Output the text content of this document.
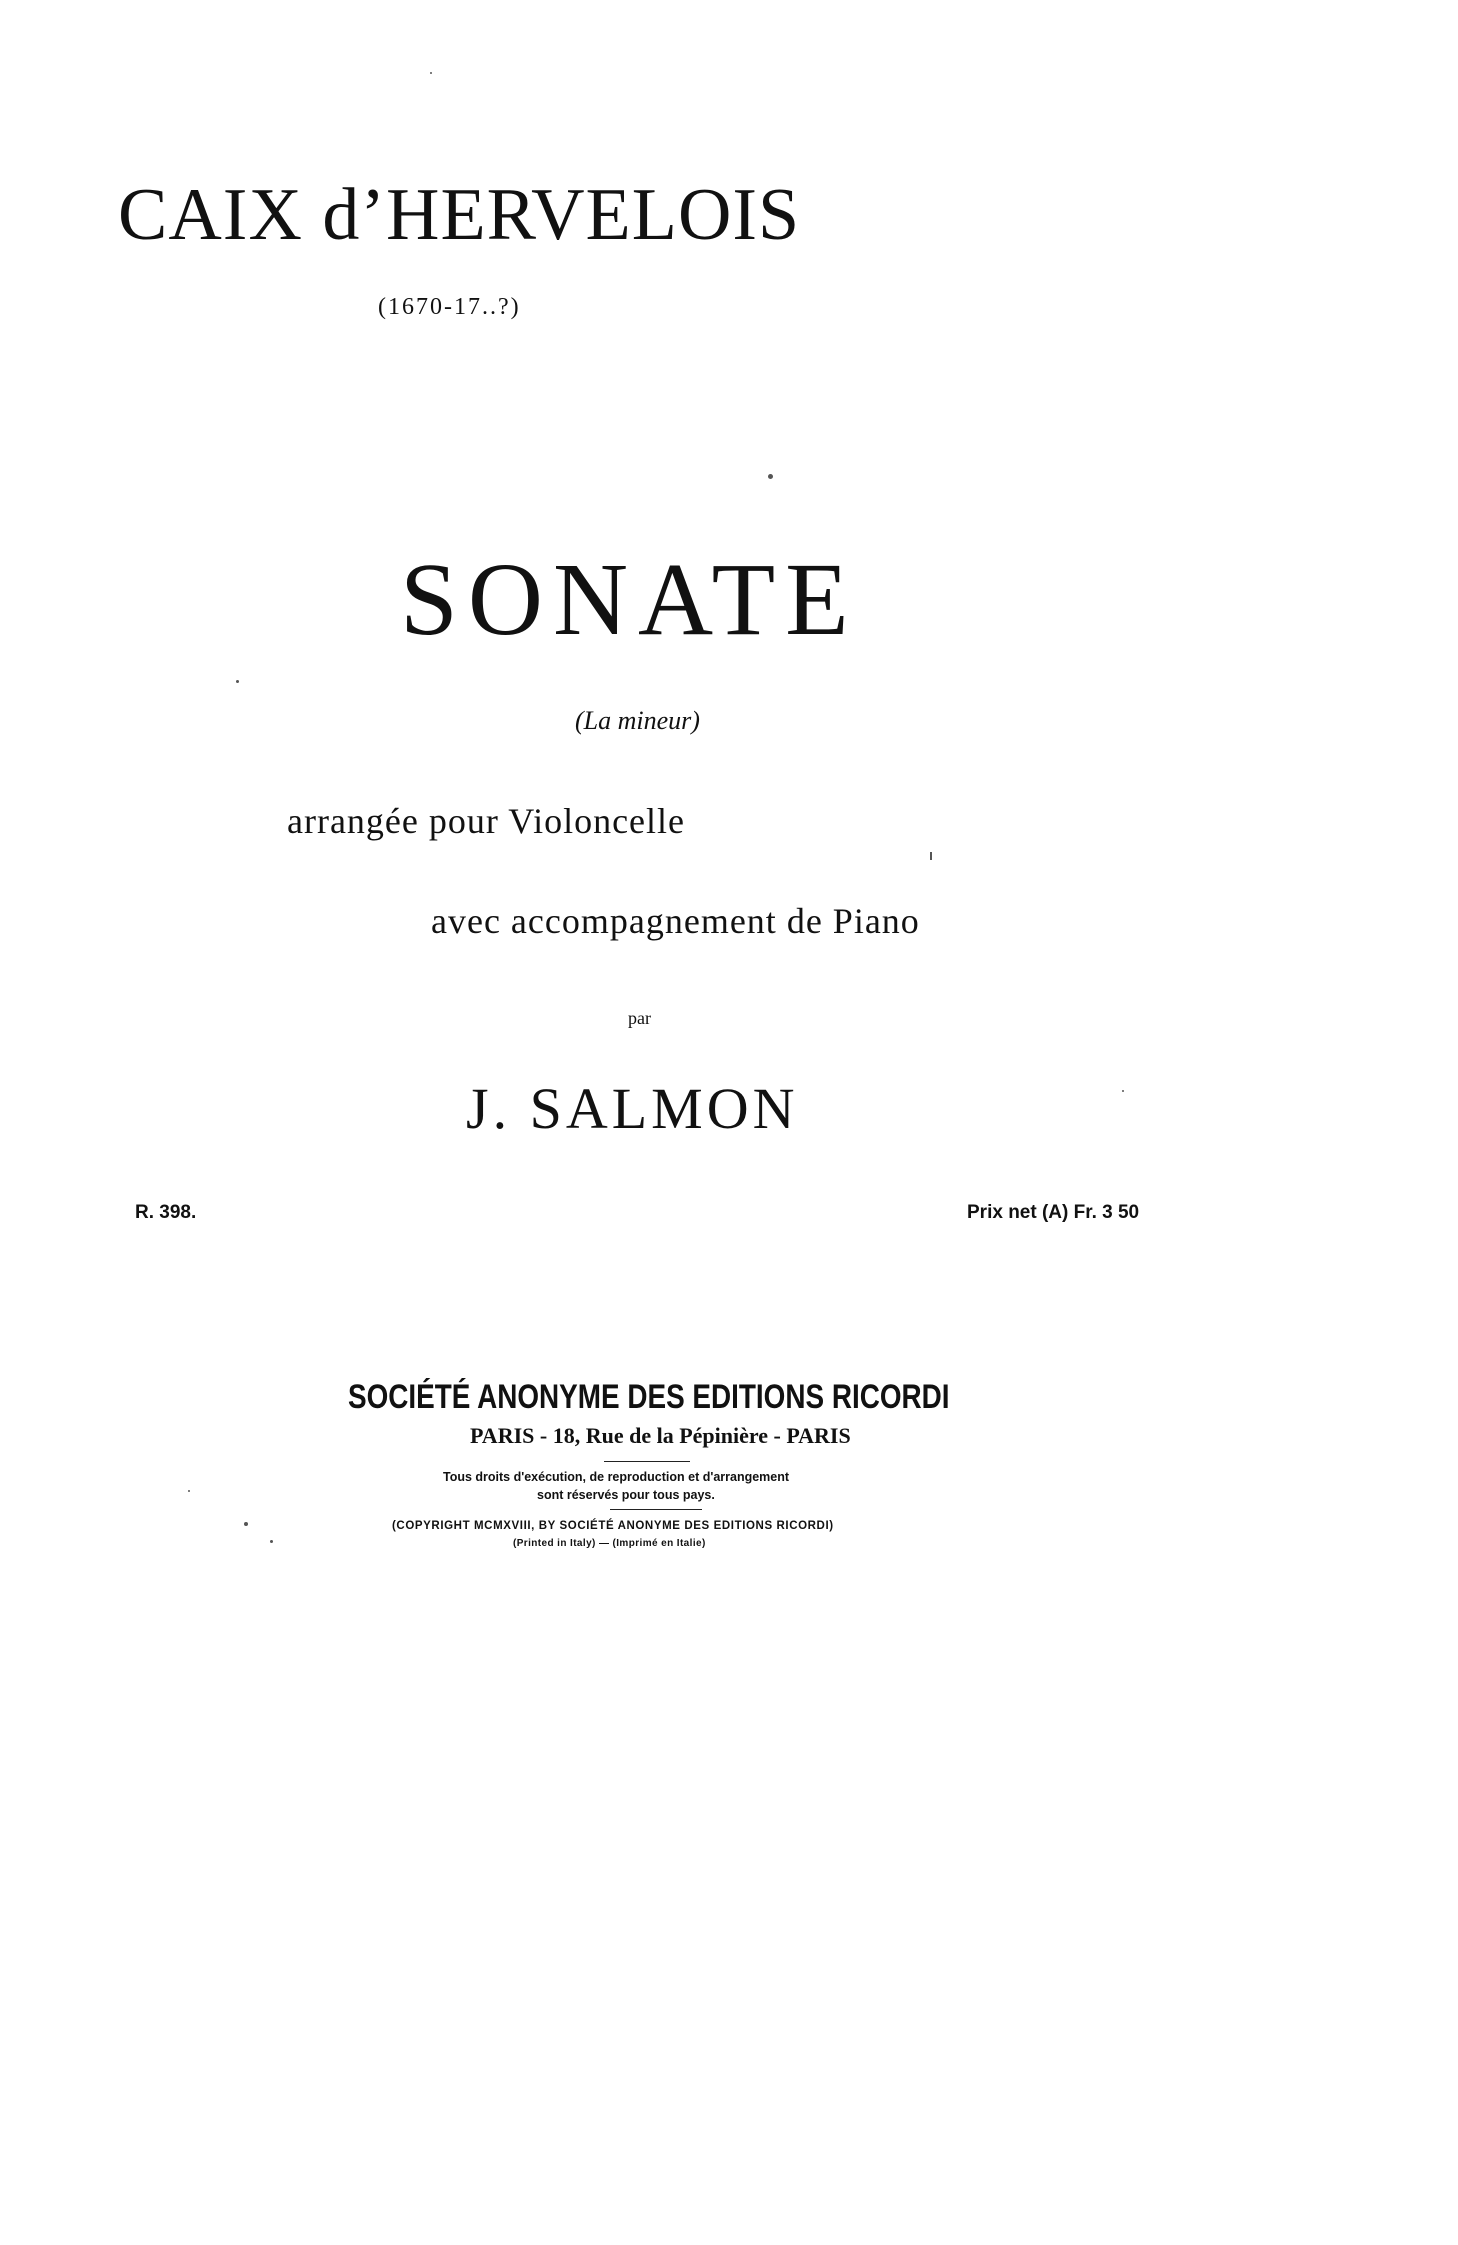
CAIX d’HERVELOIS
(1670-17..?)
SONATE
(La mineur)
arrangée pour Violoncelle
avec accompagnement de Piano
par
J. SALMON
R. 398.	Prix net (A) Fr. 3 50
SOCIÉTÉ ANONYME DES EDITIONS RICORDI
PARIS - 18, Rue de la Pépinière - PARIS
Tous droits d'exécution, de reproduction et d'arrangement
sont réservés pour tous pays.
(COPYRIGHT MCMXVIII, BY SOCIÉTÉ ANONYME DES EDITIONS RICORDI)
(Printed in Italy) — (Imprimé en Italie)
